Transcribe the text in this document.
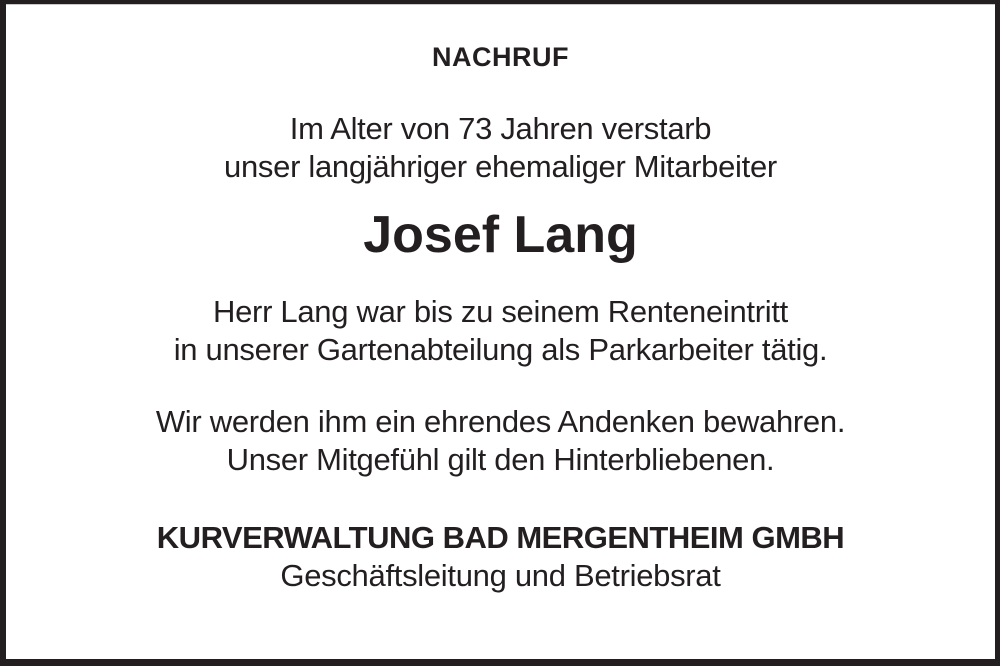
NACHRUF

Im Alter von 73 Jahren verstarb
unser langjähriger ehemaliger Mitarbeiter

Josef Lang

Herr Lang war bis zu seinem Renteneintritt
in unserer Gartenabteilung als Parkarbeiter tätig.

Wir werden ihm ein ehrendes Andenken bewahren.
Unser Mitgefühl gilt den Hinterbliebenen.

KURVERWALTUNG BAD MERGENTHEIM GMBH
Geschäftsleitung und Betriebsrat
